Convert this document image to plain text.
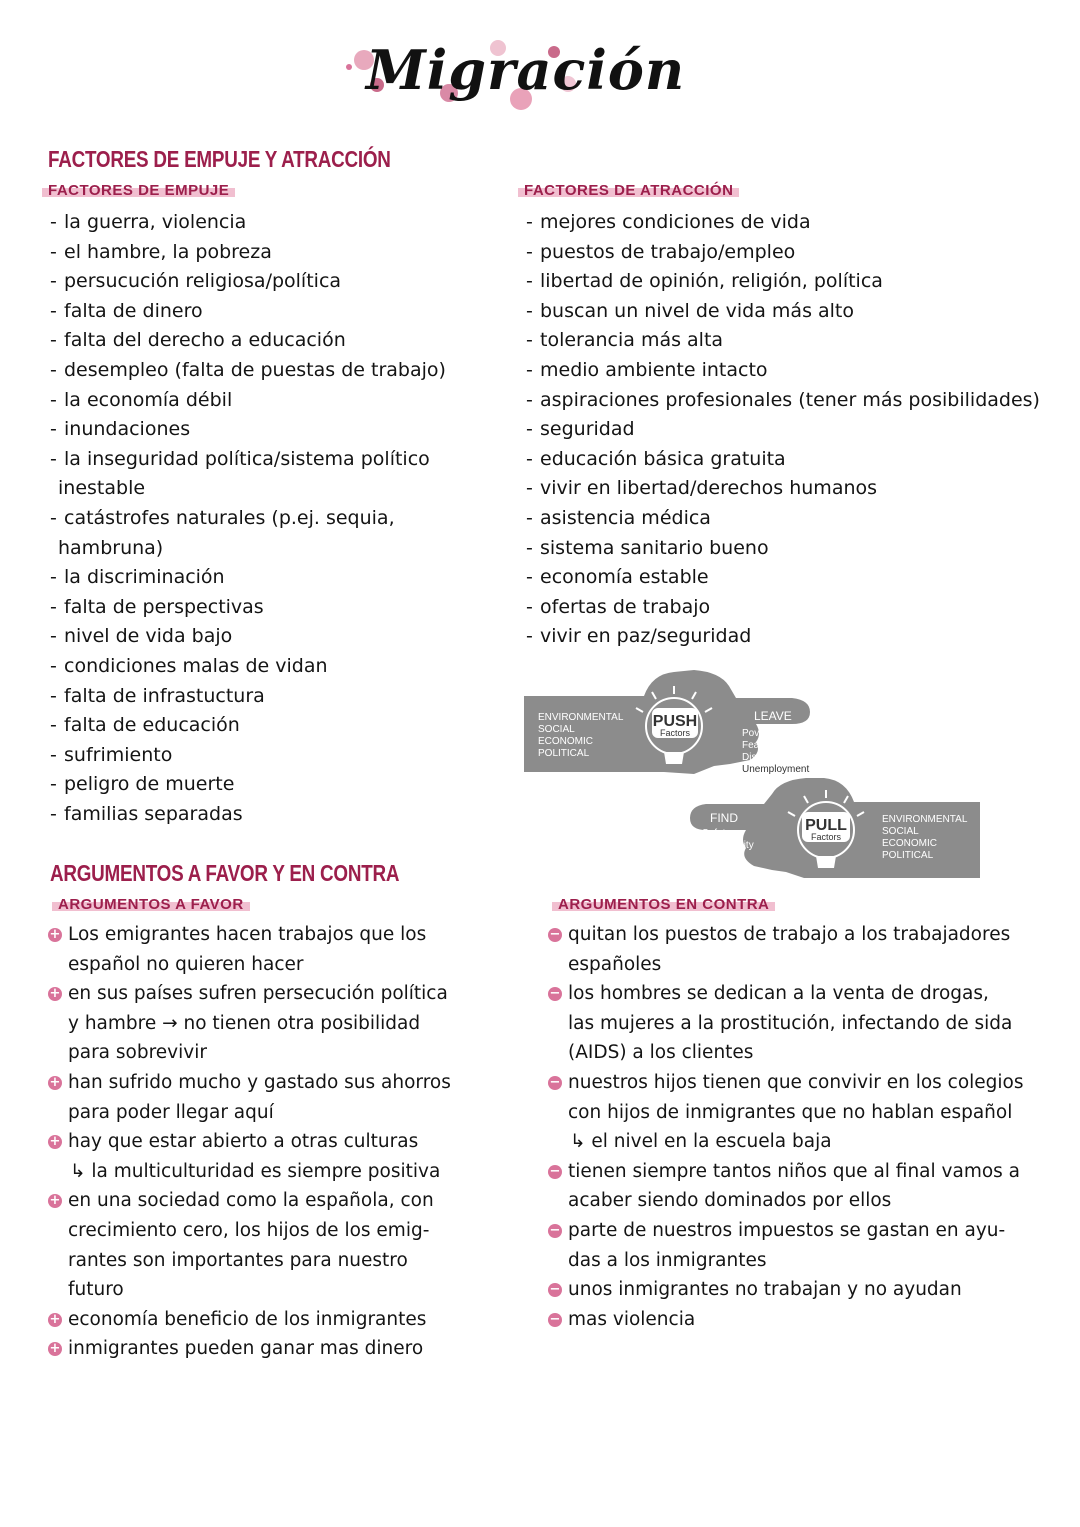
Migración
FACTORES DE EMPUJE Y ATRACCIÓN
FACTORES DE EMPUJE
- la guerra, violencia
- el hambre, la pobreza
- persucución religiosa/política
- falta de dinero
- falta del derecho a educación
- desempleo (falta de puestas de trabajo)
- la economía débil
- inundaciones
- la inseguridad política/sistema político
inestable
- catástrofes naturales (p.ej. sequia,
hambruna)
- la discriminación
- falta de perspectivas
- nivel de vida bajo
- condiciones malas de vidan
- falta de infrastuctura
- falta de educación
- sufrimiento
- peligro de muerte
- familias separadas
FACTORES DE ATRACCIÓN
- mejores condiciones de vida
- puestos de trabajo/empleo
- libertad de opinión, religión, política
- buscan un nivel de vida más alto
- tolerancia más alta
- medio ambiente intacto
- aspiraciones profesionales (tener más posibilidades)
- seguridad
- educación básica gratuita
- vivir en libertad/derechos humanos
- asistencia médica
- sistema sanitario bueno
- economía estable
- ofertas de trabajo
- vivir en paz/seguridad
ENVIRONMENTAL
SOCIAL
ECONOMIC
POLITICAL
PUSH
Factors
LEAVE
Poverty
Fear
Disasters
Unemployment
ENVIRONMENTAL
SOCIAL
ECONOMIC
POLITICAL
PULL
Factors
FIND
Safety
Opportunity
Stability
Freedom
ARGUMENTOS A FAVOR Y EN CONTRA
ARGUMENTOS A FAVOR
+ Los emigrantes hacen trabajos que los
español no quieren hacer
+ en sus países sufren persecución política
y hambre → no tienen otra posibilidad
para sobrevivir
+ han sufrido mucho y gastado sus ahorros
para poder llegar aquí
+ hay que estar abierto a otras culturas
↳ la multiculturidad es siempre positiva
+ en una sociedad como la española, con
crecimiento cero, los hijos de los emig-
rantes son importantes para nuestro
futuro
+ economía beneficio de los inmigrantes
+ inmigrantes pueden ganar mas dinero
ARGUMENTOS EN CONTRA
− quitan los puestos de trabajo a los trabajadores
españoles
− los hombres se dedican a la venta de drogas,
las mujeres a la prostitución, infectando de sida
(AIDS) a los clientes
− nuestros hijos tienen que convivir en los colegios
con hijos de inmigrantes que no hablan español
↳ el nivel en la escuela baja
− tienen siempre tantos niños que al final vamos a
acaber siendo dominados por ellos
− parte de nuestros impuestos se gastan en ayu-
das a los inmigrantes
− unos inmigrantes no trabajan y no ayudan
− mas violencia
